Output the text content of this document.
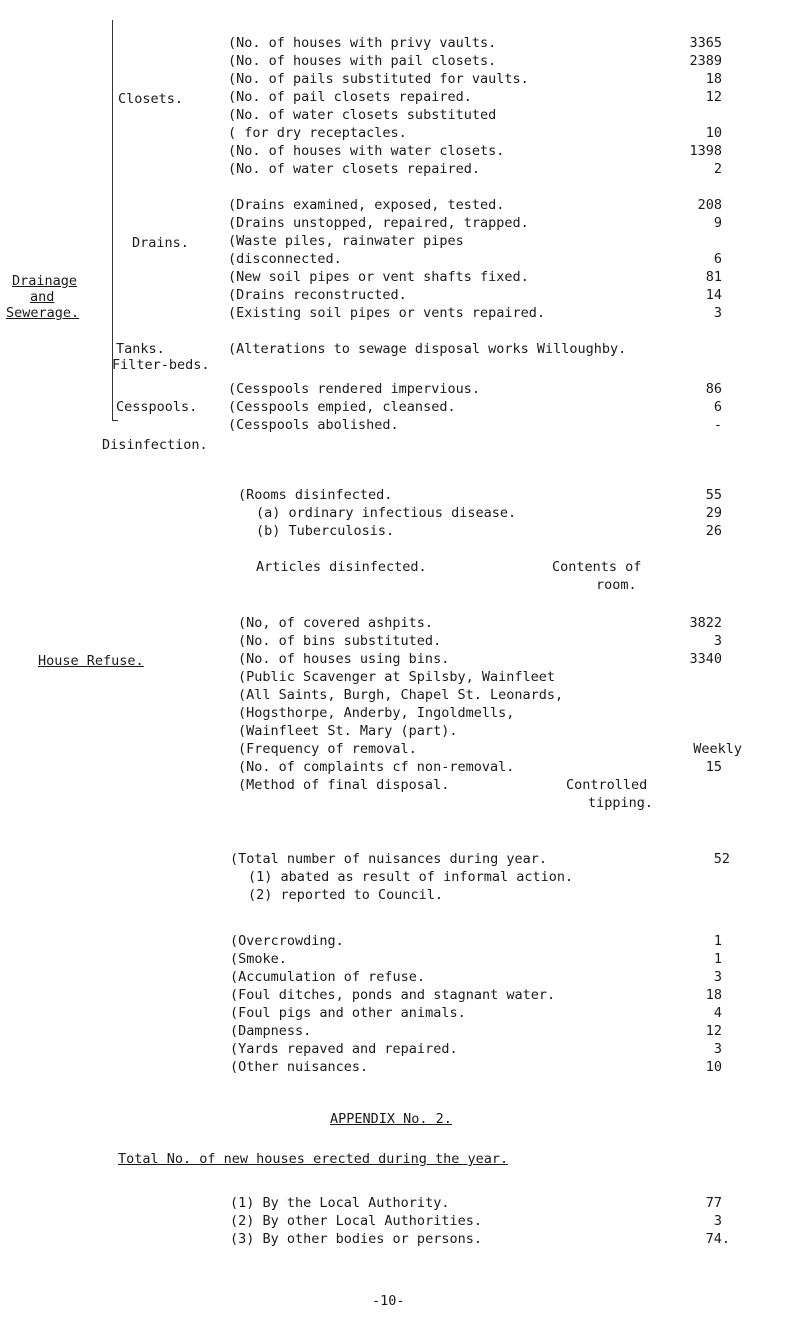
Closets.
Drains.
Drainage
and
Sewerage.
Tanks.
Filter-beds.
Cesspools.
Disinfection.
House Refuse.
(No. of houses with privy vaults.	3365
(No. of houses with pail closets.	2389
(No. of pails substituted for vaults.	18
(No. of pail closets repaired.	12
(No. of water closets substituted
( for dry receptacles.	10
(No. of houses with water closets.	1398
(No. of water closets repaired.	2
(Drains examined, exposed, tested.	208
(Drains unstopped, repaired, trapped.	9
(Waste piles, rainwater pipes
(disconnected.	6
(New soil pipes or vent shafts fixed.	81
(Drains reconstructed.	14
(Existing soil pipes or vents repaired.	3
(Alterations to sewage disposal works Willoughby.
(Cesspools rendered impervious.	86
(Cesspools empied, cleansed.	6
(Cesspools abolished.	-
(Rooms disinfected.	55
(a) ordinary infectious disease.	29
(b) Tuberculosis.	26
Articles disinfected.	Contents of
room.
(No, of covered ashpits.	3822
(No. of bins substituted.	3
(No. of houses using bins.	3340
(Public Scavenger at Spilsby, Wainfleet
(All Saints, Burgh, Chapel St. Leonards,
(Hogsthorpe, Anderby, Ingoldmells,
(Wainfleet St. Mary (part).
(Frequency of removal.	Weekly
(No. of complaints cf non-removal.	15
(Method of final disposal.	Controlled
tipping.
(Total number of nuisances during year.	52
(1) abated as result of informal action.
(2) reported to Council.
(Overcrowding.	1
(Smoke.	1
(Accumulation of refuse.	3
(Foul ditches, ponds and stagnant water.	18
(Foul pigs and other animals.	4
(Dampness.	12
(Yards repaved and repaired.	3
(Other nuisances.	10
APPENDIX No. 2.
Total No. of new houses erected during the year.
(1) By the Local Authority.	77
(2) By other Local Authorities.	3
(3) By other bodies or persons.	74.
-10-
